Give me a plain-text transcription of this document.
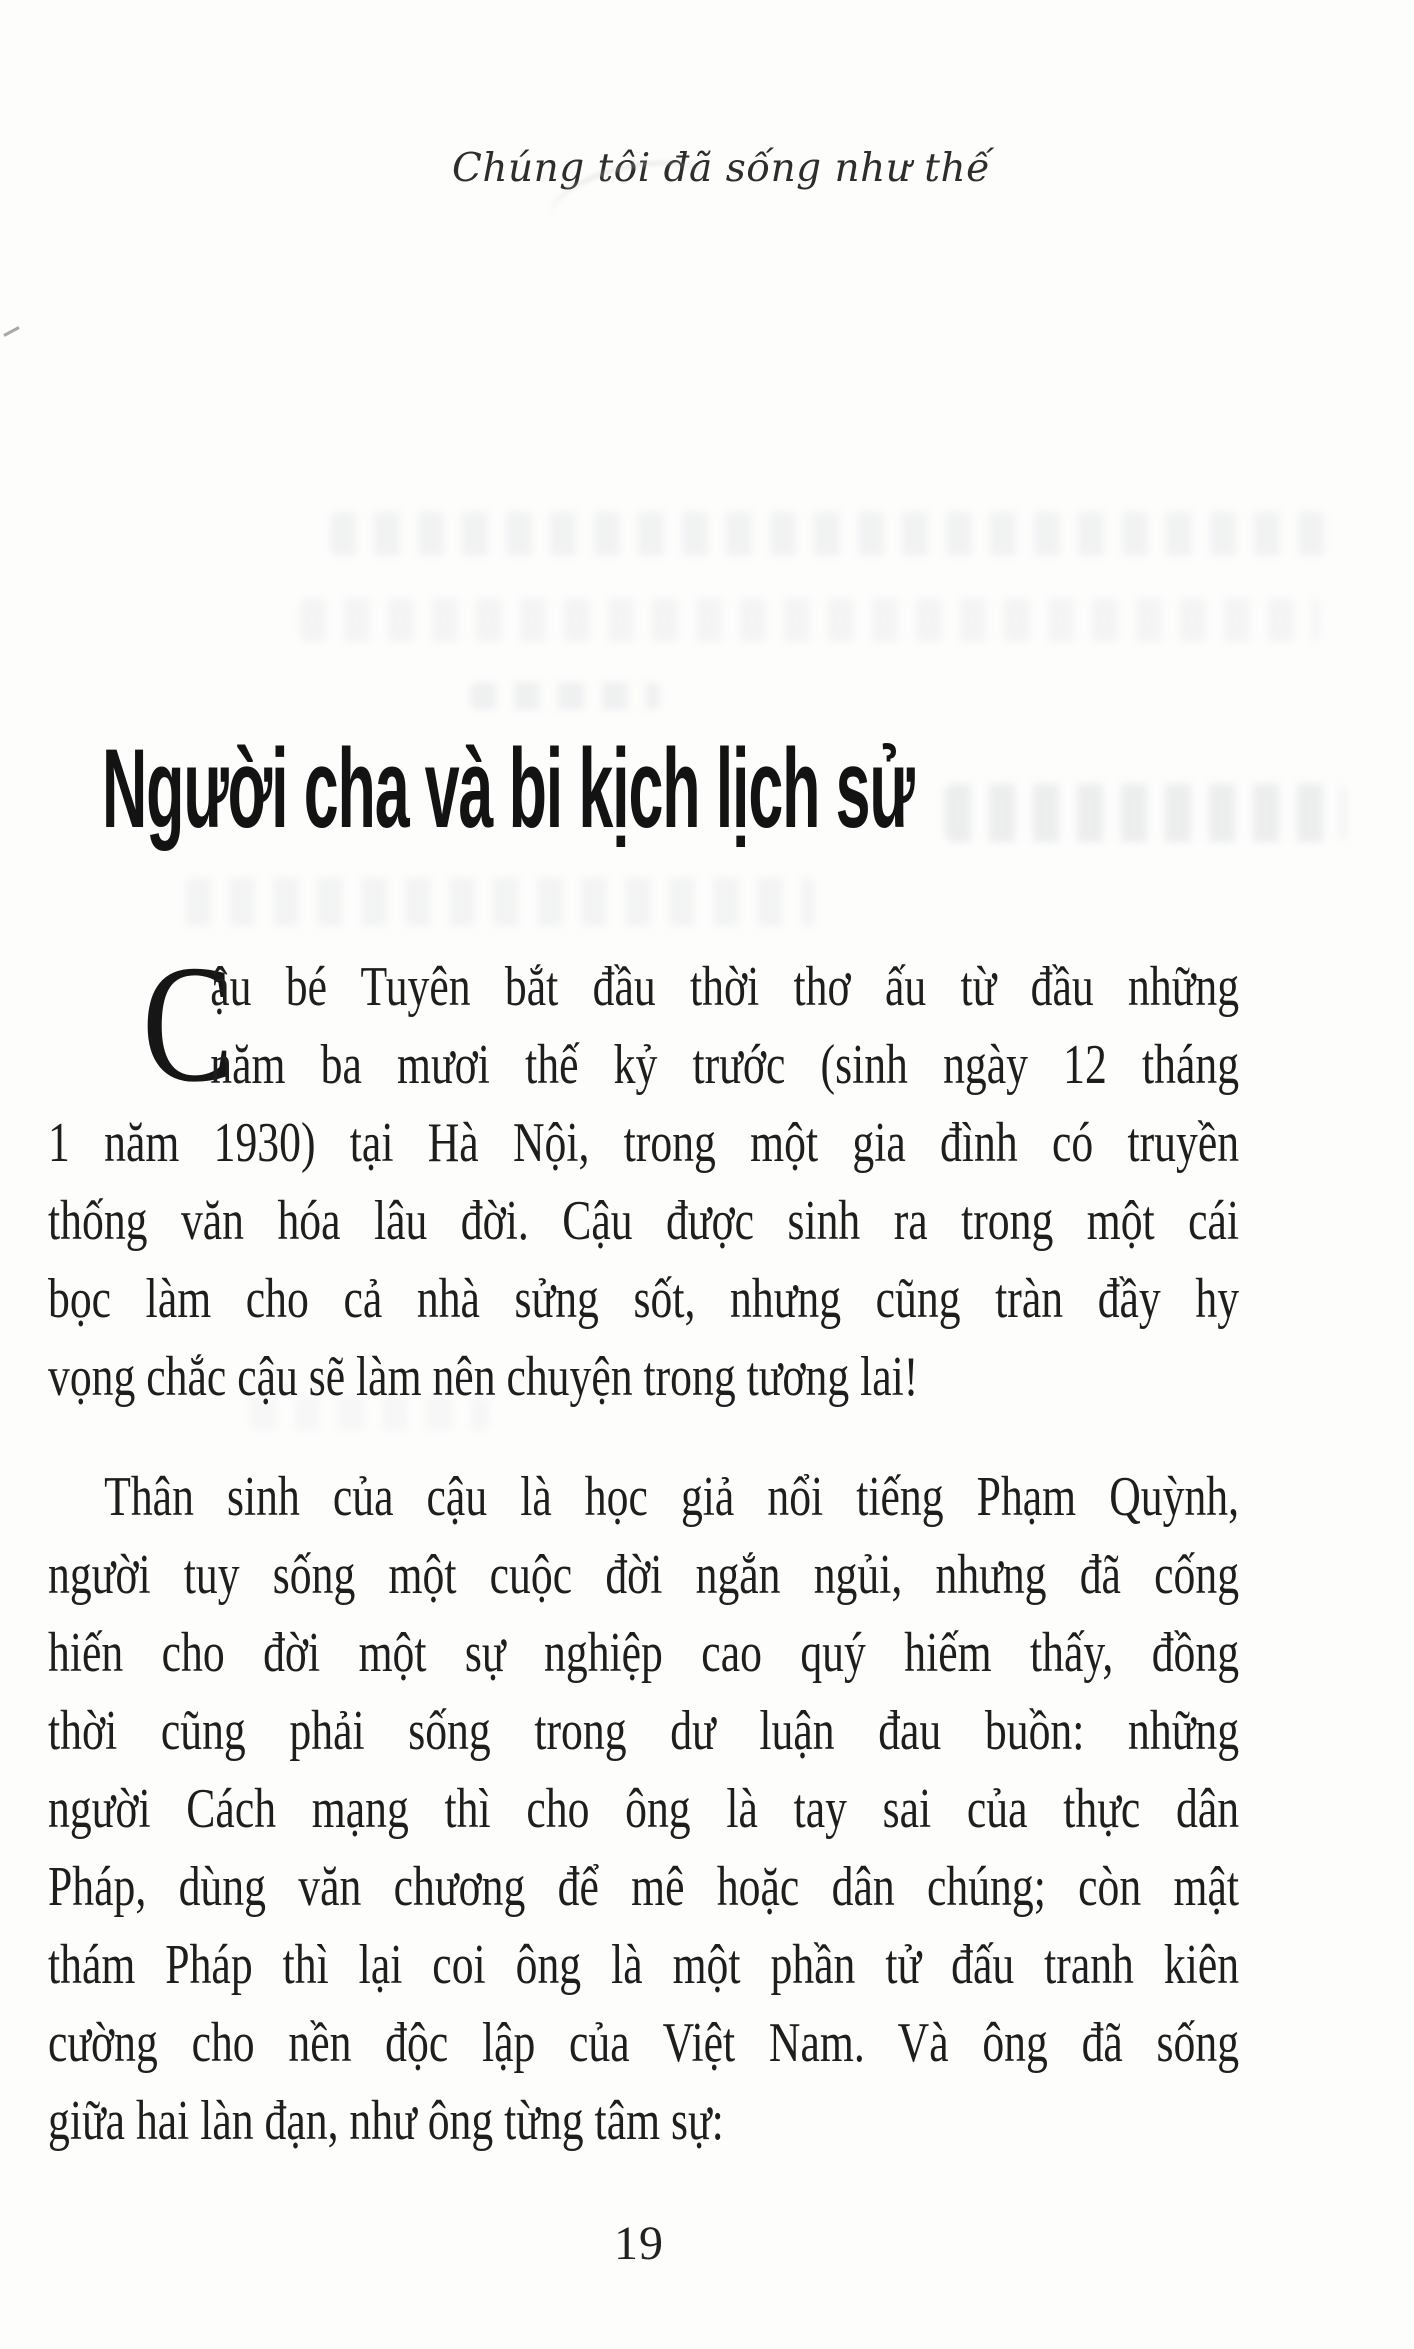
Chúng tôi đã sống như thế
Người cha và bi kịch lịch sử
C
ậu bé Tuyên bắt đầu thời thơ ấu từ đầu những
năm ba mươi thế kỷ trước (sinh ngày 12 tháng
1 năm 1930) tại Hà Nội, trong một gia đình có truyền
thống văn hóa lâu đời. Cậu được sinh ra trong một cái
bọc làm cho cả nhà sửng sốt, nhưng cũng tràn đầy hy
vọng chắc cậu sẽ làm nên chuyện trong tương lai!
Thân sinh của cậu là học giả nổi tiếng Phạm Quỳnh,
người tuy sống một cuộc đời ngắn ngủi, nhưng đã cống
hiến cho đời một sự nghiệp cao quý hiếm thấy, đồng
thời cũng phải sống trong dư luận đau buồn: những
người Cách mạng thì cho ông là tay sai của thực dân
Pháp, dùng văn chương để mê hoặc dân chúng; còn mật
thám Pháp thì lại coi ông là một phần tử đấu tranh kiên
cường cho nền độc lập của Việt Nam. Và ông đã sống
giữa hai làn đạn, như ông từng tâm sự:
19
